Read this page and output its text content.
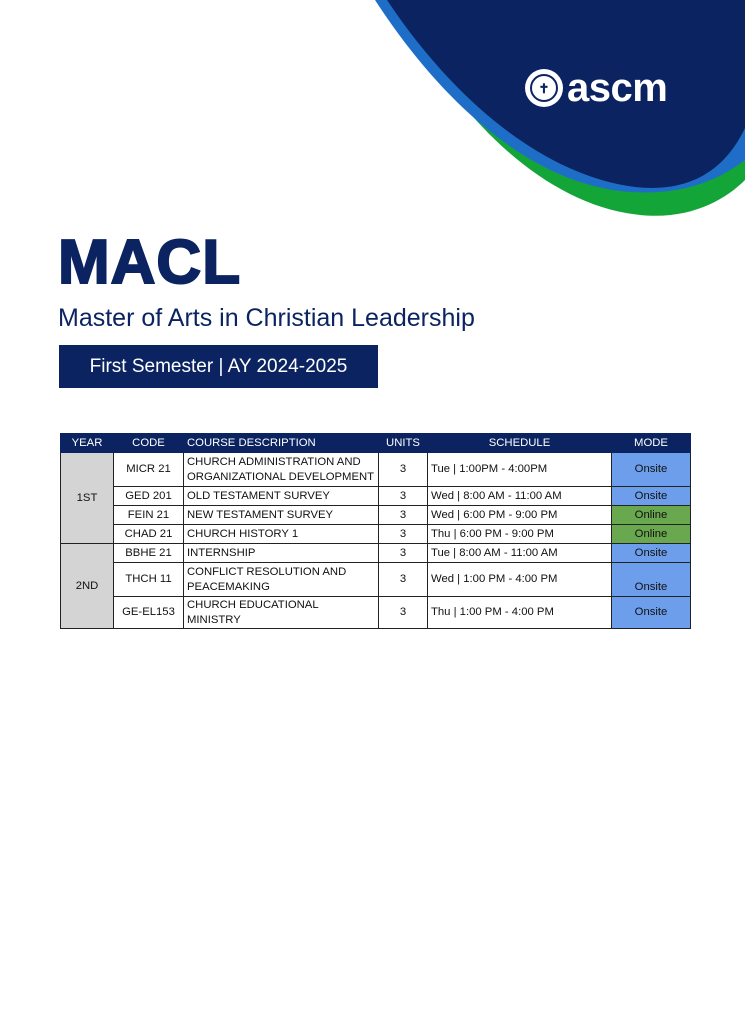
✝ ascm
MACL
Master of Arts in Christian Leadership
First Semester | AY 2024-2025
YEAR	CODE	COURSE DESCRIPTION	UNITS	SCHEDULE	MODE
1ST	MICR 21	CHURCH ADMINISTRATION AND ORGANIZATIONAL DEVELOPMENT	3	Tue | 1:00PM - 4:00PM	Onsite
	GED 201	OLD TESTAMENT SURVEY	3	Wed | 8:00 AM - 11:00 AM	Onsite
	FEIN 21	NEW TESTAMENT SURVEY	3	Wed | 6:00 PM - 9:00 PM	Online
	CHAD 21	CHURCH HISTORY 1	3	Thu | 6:00 PM - 9:00 PM	Online
2ND	BBHE 21	INTERNSHIP	3	Tue | 8:00 AM - 11:00 AM	Onsite
	THCH 11	CONFLICT RESOLUTION AND PEACEMAKING	3	Wed | 1:00 PM - 4:00 PM	Onsite
	GE-EL153	CHURCH EDUCATIONAL MINISTRY	3	Thu | 1:00 PM - 4:00 PM	Onsite
